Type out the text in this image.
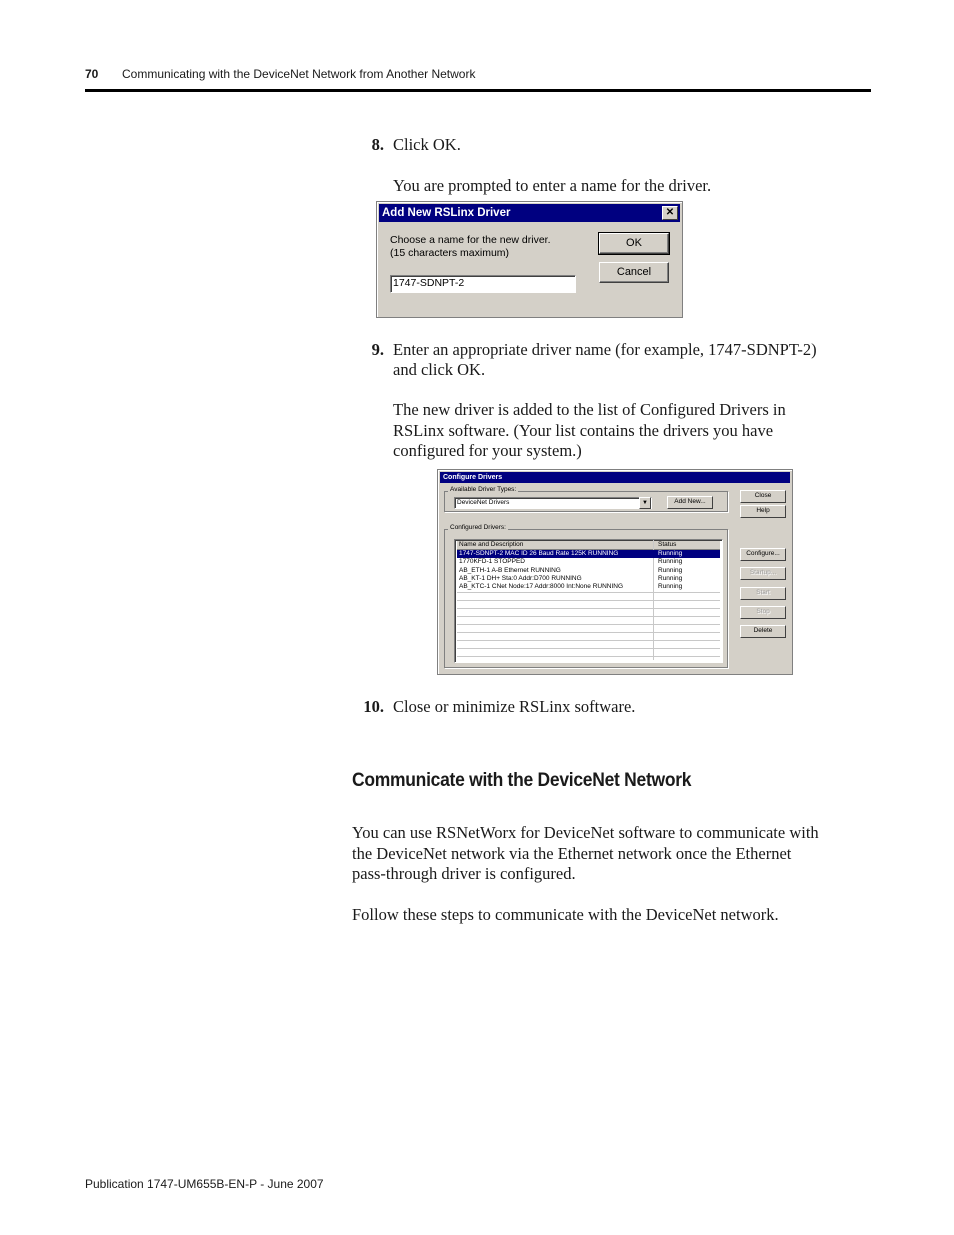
70 Communicating with the DeviceNet Network from Another Network
8. Click OK.
You are prompted to enter a name for the driver.
Add New RSLinx Driver	✕
Choose a name for the new driver.
(15 characters maximum)
1747-SDNPT-2
OK
Cancel
9. Enter an appropriate driver name (for example, 1747-SDNPT-2)
and click OK.
The new driver is added to the list of Configured Drivers in
RSLinx software. (Your list contains the drivers you have
configured for your system.)
Configure Drivers
Available Driver Types:
DeviceNet Drivers	▼	Add New...
Configured Drivers:
Name and Description	Status
1747-SDNPT-2 MAC ID 26 Baud Rate 125K RUNNING	Running
1770KFD-1 STOPPED	Running
AB_ETH-1 A-B Ethernet RUNNING	Running
AB_KT-1 DH+ Sta:0 Addr:D700 RUNNING	Running
AB_KTC-1 CNet Node:17 Addr:8000 Int:None RUNNING	Running
Close
Help
Configure...
Startup...
Start
Stop
Delete
10. Close or minimize RSLinx software.
Communicate with the DeviceNet Network
You can use RSNetWorx for DeviceNet software to communicate with
the DeviceNet network via the Ethernet network once the Ethernet
pass-through driver is configured.
Follow these steps to communicate with the DeviceNet network.
Publication 1747-UM655B-EN-P - June 2007
